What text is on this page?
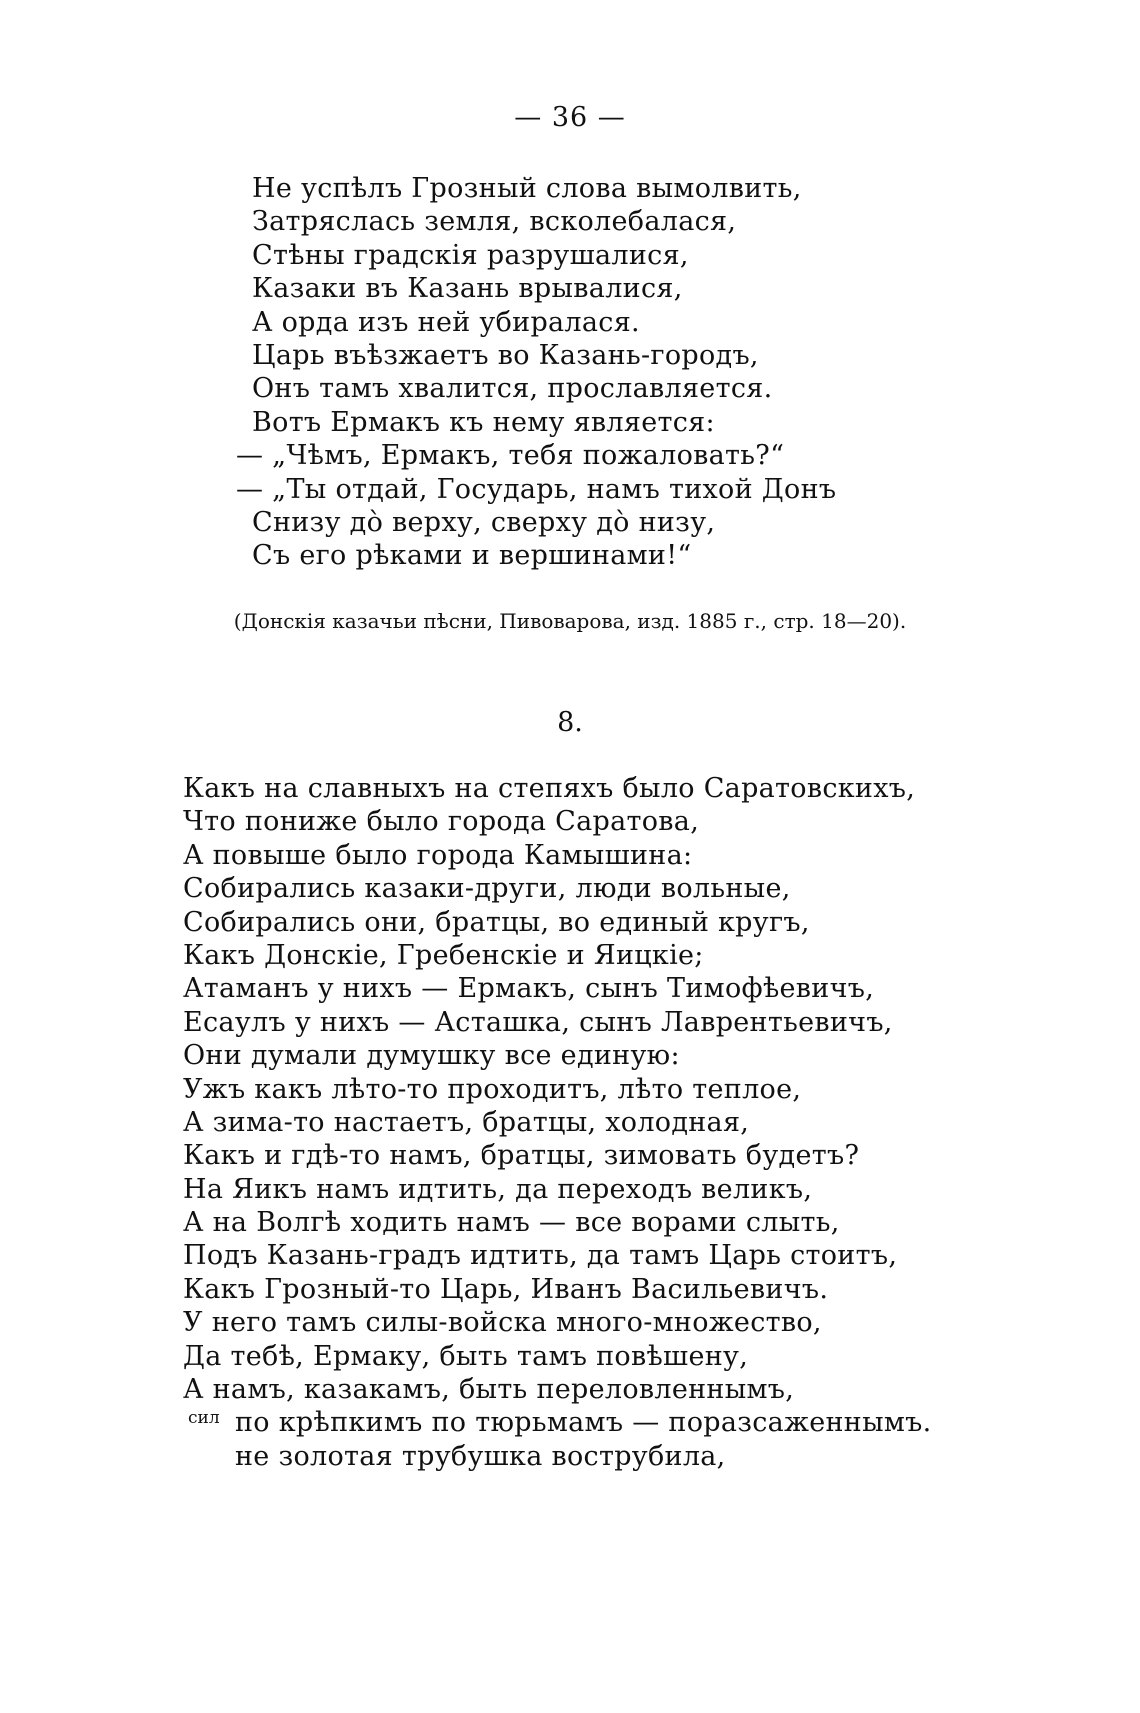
— 36 —
Не успѣлъ Грозный слова вымолвить,
Затряслась земля, всколебалася,
Стѣны градскія разрушалися,
Казаки въ Казань врывалися,
А орда изъ ней убиралася.
Царь въѣзжаетъ во Казань-городъ,
Онъ тамъ хвалится, прославляется.
Вотъ Ермакъ къ нему является:
— „Чѣмъ, Ермакъ, тебя пожаловать?“
— „Ты отдай, Государь, намъ тихой Донъ
Снизу до̀ верху, сверху до̀ низу,
Съ его рѣками и вершинами!“
(Донскія казачьи пѣсни, Пивоварова, изд. 1885 г., стр. 18—20).
8.
Какъ на славныхъ на степяхъ было Саратовскихъ,
Что пониже было города Саратова,
А повыше было города Камышина:
Собирались казаки-други, люди вольные,
Собирались они, братцы, во единый кругъ,
Какъ Донскіе, Гребенскіе и Яицкіе;
Атаманъ у нихъ — Ермакъ, сынъ Тимофѣевичъ,
Есаулъ у нихъ — Асташка, сынъ Лаврентьевичъ,
Они думали думушку все единую:
Ужъ какъ лѣто-то проходитъ, лѣто теплое,
А зима-то настаетъ, братцы, холодная,
Какъ и гдѣ-то намъ, братцы, зимовать будетъ?
На Яикъ намъ идтить, да переходъ великъ,
А на Волгѣ ходить намъ — все ворами слыть,
Подъ Казань-градъ идтить, да тамъ Царь стоитъ,
Какъ Грозный-то Царь, Иванъ Васильевичъ.
У него тамъ силы-войска много-множество,
Да тебѣ, Ермаку, быть тамъ повѣшену,
А намъ, казакамъ, быть переловленнымъ,
по крѣпкимъ по тюрьмамъ — поразсаженнымъ.
не золотая трубушка вострубила,
сил
